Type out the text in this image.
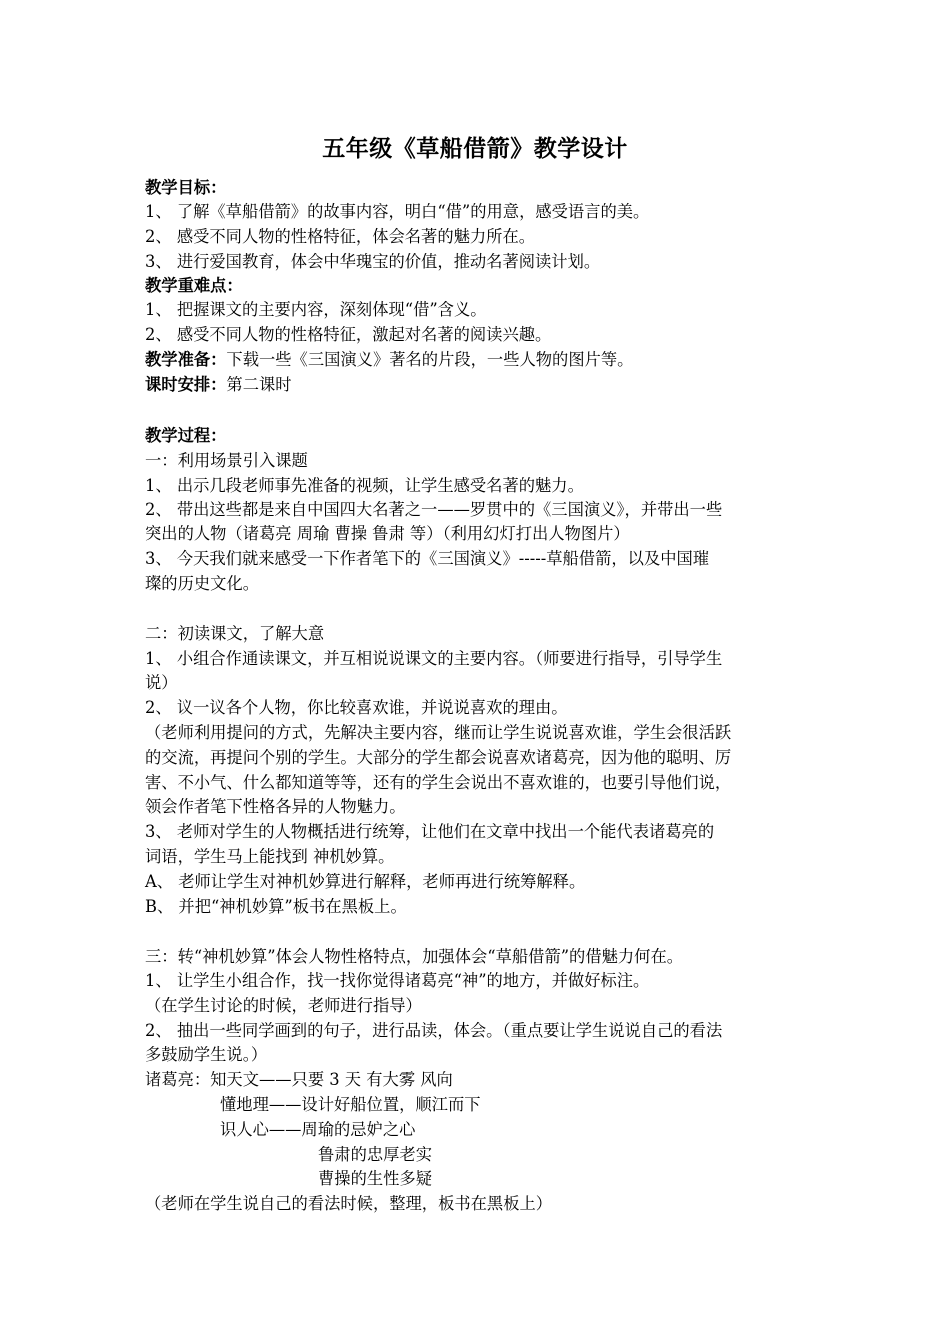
五年级《草船借箭》教学设计
教学目标：
1、 了解《草船借箭》的故事内容，明白“借”的用意，感受语言的美。
2、 感受不同人物的性格特征，体会名著的魅力所在。
3、 进行爱国教育，体会中华瑰宝的价值，推动名著阅读计划。
教学重难点：
1、 把握课文的主要内容，深刻体现“借”含义。
2、 感受不同人物的性格特征，激起对名著的阅读兴趣。
教学准备：下载一些《三国演义》著名的片段，一些人物的图片等。
课时安排：第二课时
教学过程：
一：利用场景引入课题
1、 出示几段老师事先准备的视频，让学生感受名著的魅力。
2、 带出这些都是来自中国四大名著之一——罗贯中的《三国演义》，并带出一些
突出的人物（诸葛亮 周瑜 曹操 鲁肃 等）（利用幻灯打出人物图片）
3、 今天我们就来感受一下作者笔下的《三国演义》-----草船借箭，以及中国璀
璨的历史文化。
二：初读课文，了解大意
1、 小组合作通读课文，并互相说说课文的主要内容。（师要进行指导，引导学生
说）
2、 议一议各个人物，你比较喜欢谁，并说说喜欢的理由。
（老师利用提问的方式，先解决主要内容，继而让学生说说喜欢谁，学生会很活跃
的交流，再提问个别的学生。大部分的学生都会说喜欢诸葛亮，因为他的聪明、厉
害、不小气、什么都知道等等，还有的学生会说出不喜欢谁的，也要引导他们说，
领会作者笔下性格各异的人物魅力。
3、 老师对学生的人物概括进行统筹，让他们在文章中找出一个能代表诸葛亮的
词语，学生马上能找到 神机妙算。
A、 老师让学生对神机妙算进行解释，老师再进行统筹解释。
B、 并把“神机妙算”板书在黑板上。
三：转“神机妙算”体会人物性格特点，加强体会“草船借箭”的借魅力何在。
1、 让学生小组合作，找一找你觉得诸葛亮“神”的地方，并做好标注。
（在学生讨论的时候，老师进行指导）
2、 抽出一些同学画到的句子，进行品读，体会。（重点要让学生说说自己的看法
多鼓励学生说。）
诸葛亮：知天文——只要 3 天 有大雾 风向
懂地理——设计好船位置，顺江而下
识人心——周瑜的忌妒之心
鲁肃的忠厚老实
曹操的生性多疑
（老师在学生说自己的看法时候，整理，板书在黑板上）
